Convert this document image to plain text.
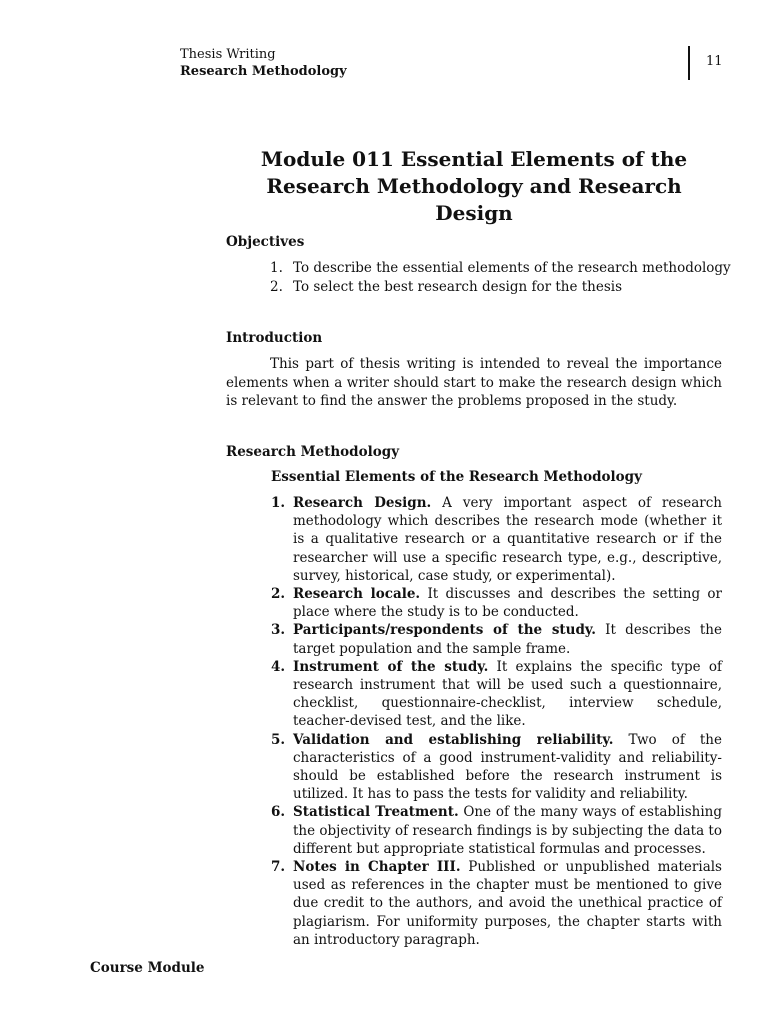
Thesis Writing
Research Methodology
11
Module 011 Essential Elements of the Research Methodology and Research Design
Objectives
1. To describe the essential elements of the research methodology
2. To select the best research design for the thesis
Introduction

This part of thesis writing is intended to reveal the importance elements when a writer should start to make the research design which is relevant to find the answer the problems proposed in the study.

Research Methodology
Essential Elements of the Research Methodology
1. Research Design. A very important aspect of research methodology which describes the research mode (whether it is a qualitative research or a quantitative research or if the researcher will use a specific research type, e.g., descriptive, survey, historical, case study, or experimental).
2. Research locale. It discusses and describes the setting or place where the study is to be conducted.
3. Participants/respondents of the study. It describes the target population and the sample frame.
4. Instrument of the study. It explains the specific type of research instrument that will be used such a questionnaire, checklist, questionnaire-checklist, interview schedule, teacher-devised test, and the like.
5. Validation and establishing reliability. Two of the characteristics of a good instrument-validity and reliability-should be established before the research instrument is utilized. It has to pass the tests for validity and reliability.
6. Statistical Treatment. One of the many ways of establishing the objectivity of research findings is by subjecting the data to different but appropriate statistical formulas and processes.
7. Notes in Chapter III. Published or unpublished materials used as references in the chapter must be mentioned to give due credit to the authors, and avoid the unethical practice of plagiarism. For uniformity purposes, the chapter starts with an introductory paragraph.
Course Module
